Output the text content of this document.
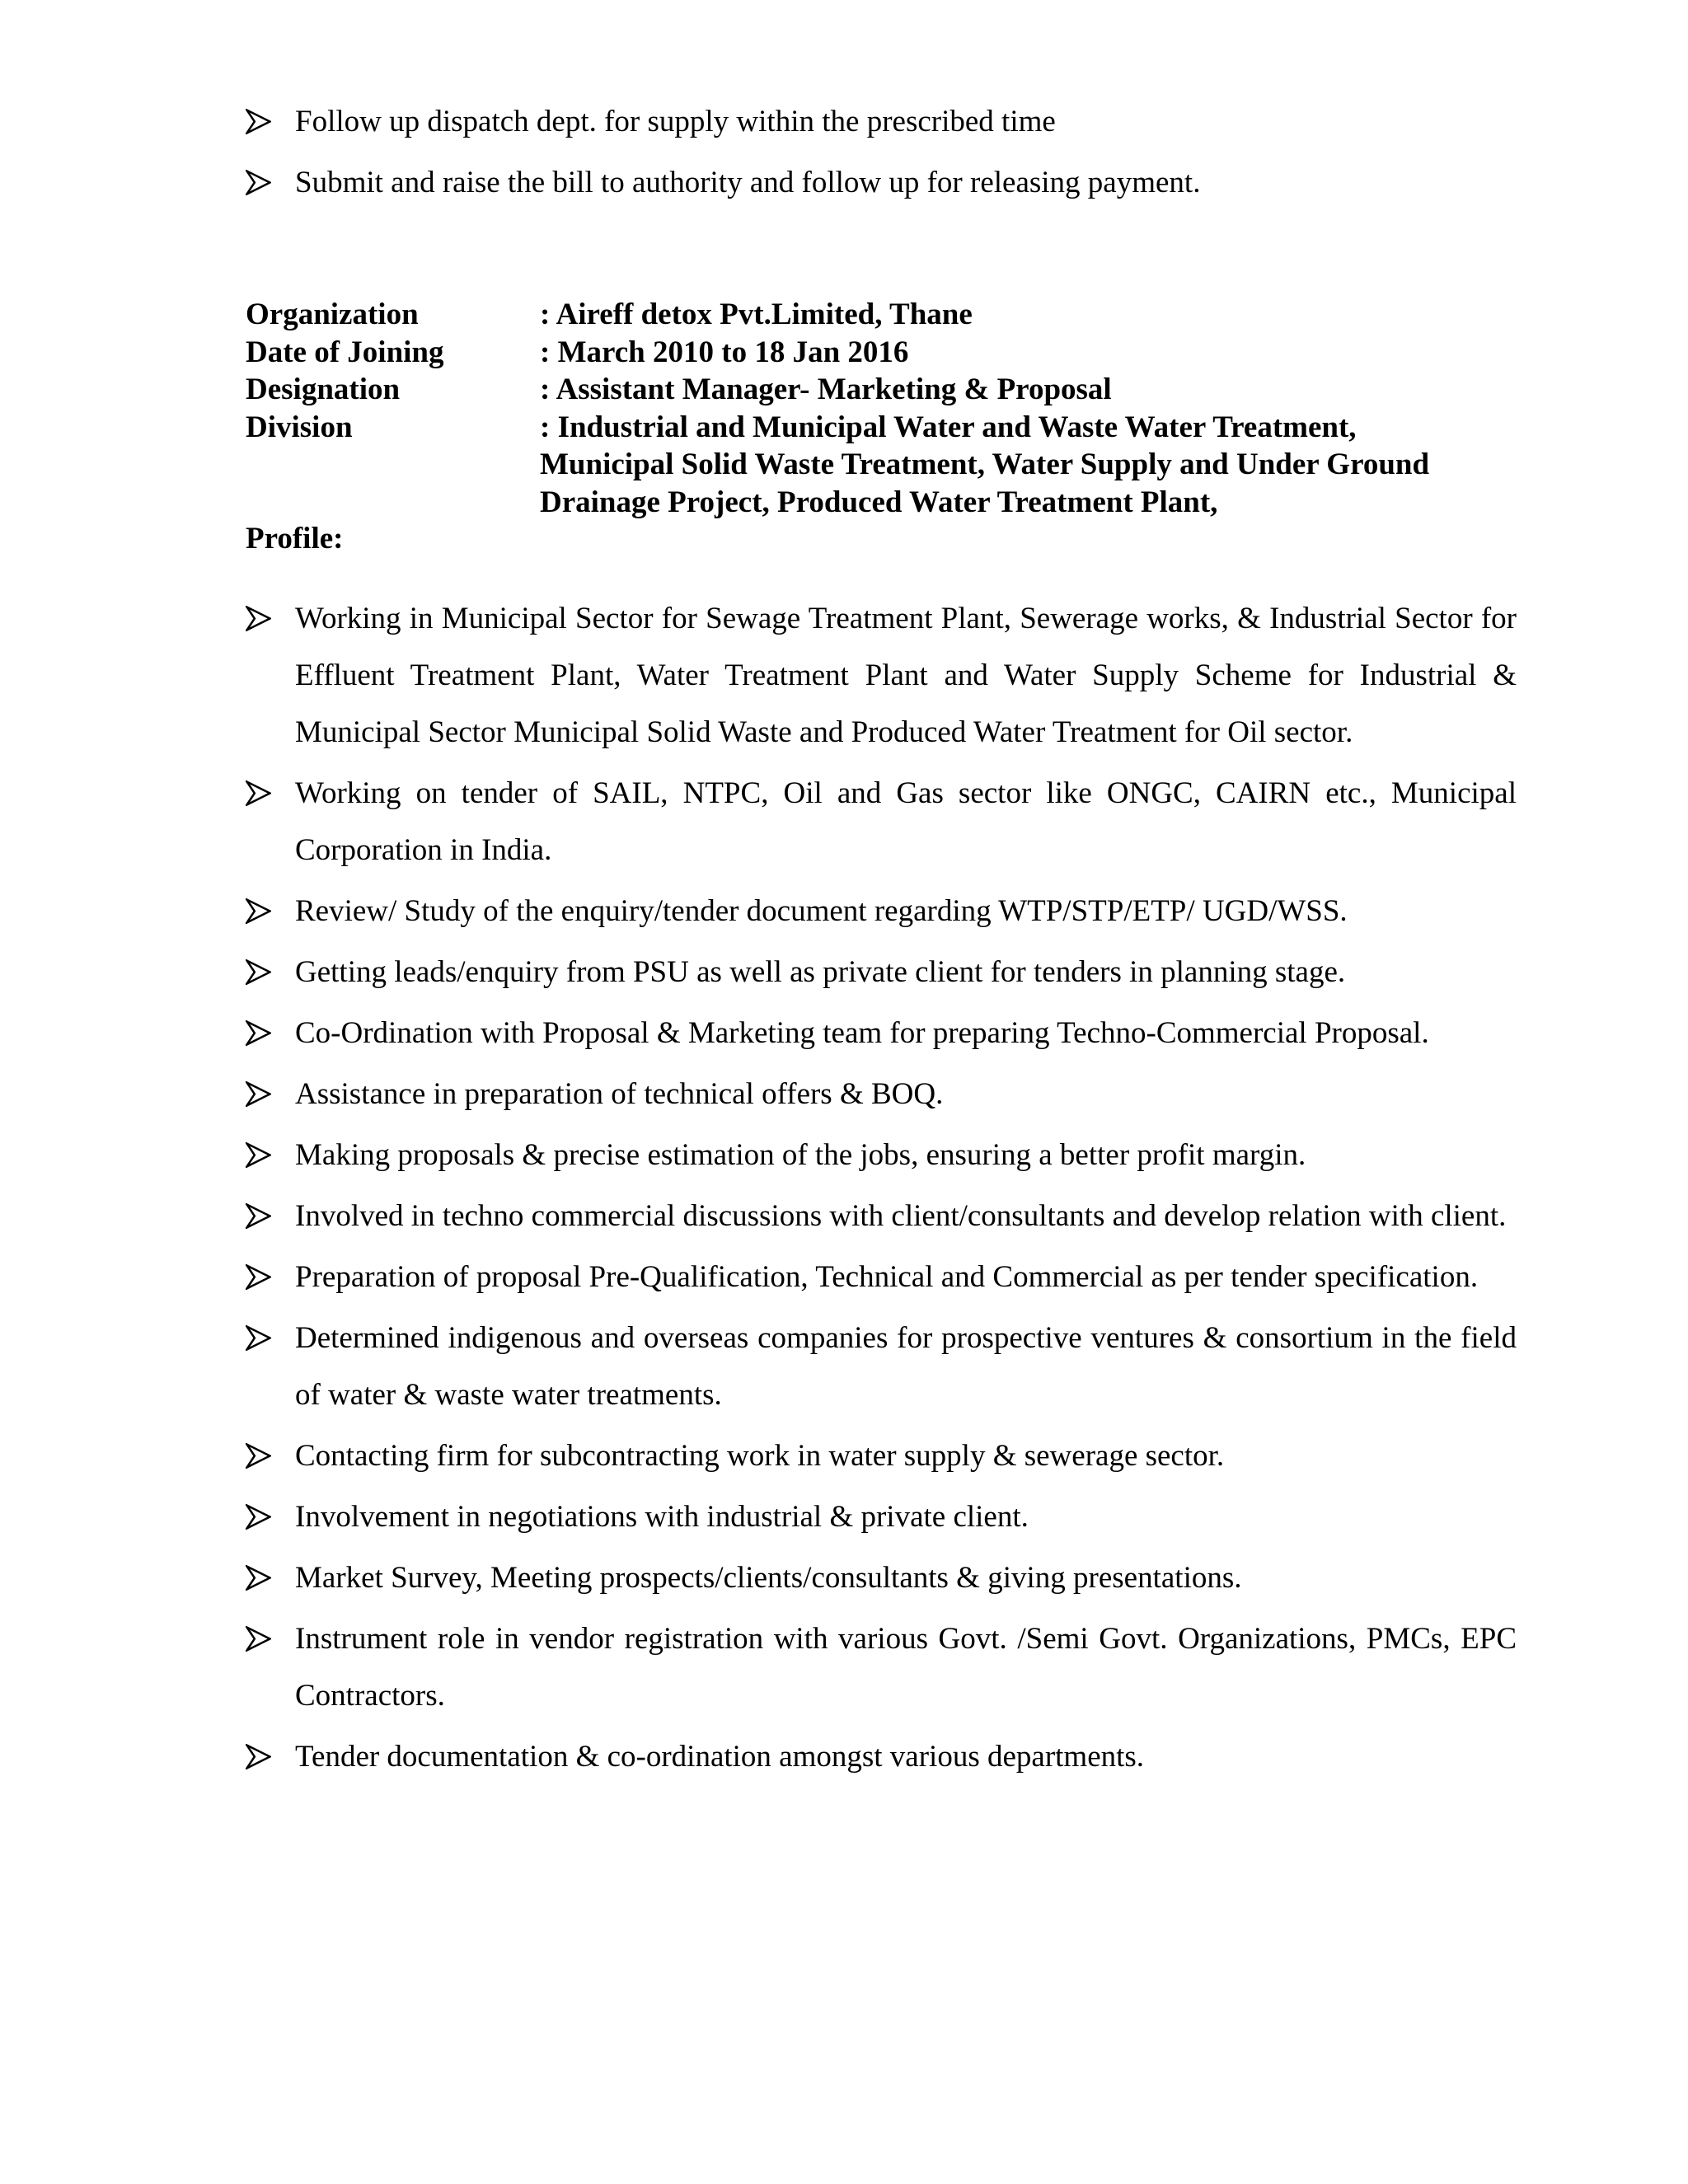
Follow up dispatch dept. for supply within the prescribed time
Submit and raise the bill to authority and follow up for releasing payment.
Organization	: Aireff detox Pvt.Limited, Thane
Date of Joining	: March 2010 to 18 Jan 2016
Designation	: Assistant Manager- Marketing & Proposal
Division	: Industrial and Municipal Water and Waste Water Treatment,
Municipal Solid Waste Treatment, Water Supply and Under Ground
Drainage Project, Produced Water Treatment Plant,
Profile:
Working in Municipal Sector for Sewage Treatment Plant, Sewerage works, & Industrial Sector for Effluent Treatment Plant, Water Treatment Plant and Water Supply Scheme for Industrial & Municipal Sector Municipal Solid Waste and Produced Water Treatment for Oil sector.
Working on tender of SAIL, NTPC, Oil and Gas sector like ONGC, CAIRN etc., Municipal Corporation in India.
Review/ Study of the enquiry/tender document regarding WTP/STP/ETP/ UGD/WSS.
Getting leads/enquiry from PSU as well as private client for tenders in planning stage.
Co-Ordination with Proposal & Marketing team for preparing Techno-Commercial Proposal.
Assistance in preparation of technical offers & BOQ.
Making proposals & precise estimation of the jobs, ensuring a better profit margin.
Involved in techno commercial discussions with client/consultants and develop relation with client.
Preparation of proposal Pre-Qualification, Technical and Commercial as per tender specification.
Determined indigenous and overseas companies for prospective ventures & consortium in the field of water & waste water treatments.
Contacting firm for subcontracting work in water supply & sewerage sector.
Involvement in negotiations with industrial & private client.
Market Survey, Meeting prospects/clients/consultants & giving presentations.
Instrument role in vendor registration with various Govt. /Semi Govt. Organizations, PMCs, EPC Contractors.
Tender documentation & co-ordination amongst various departments.
